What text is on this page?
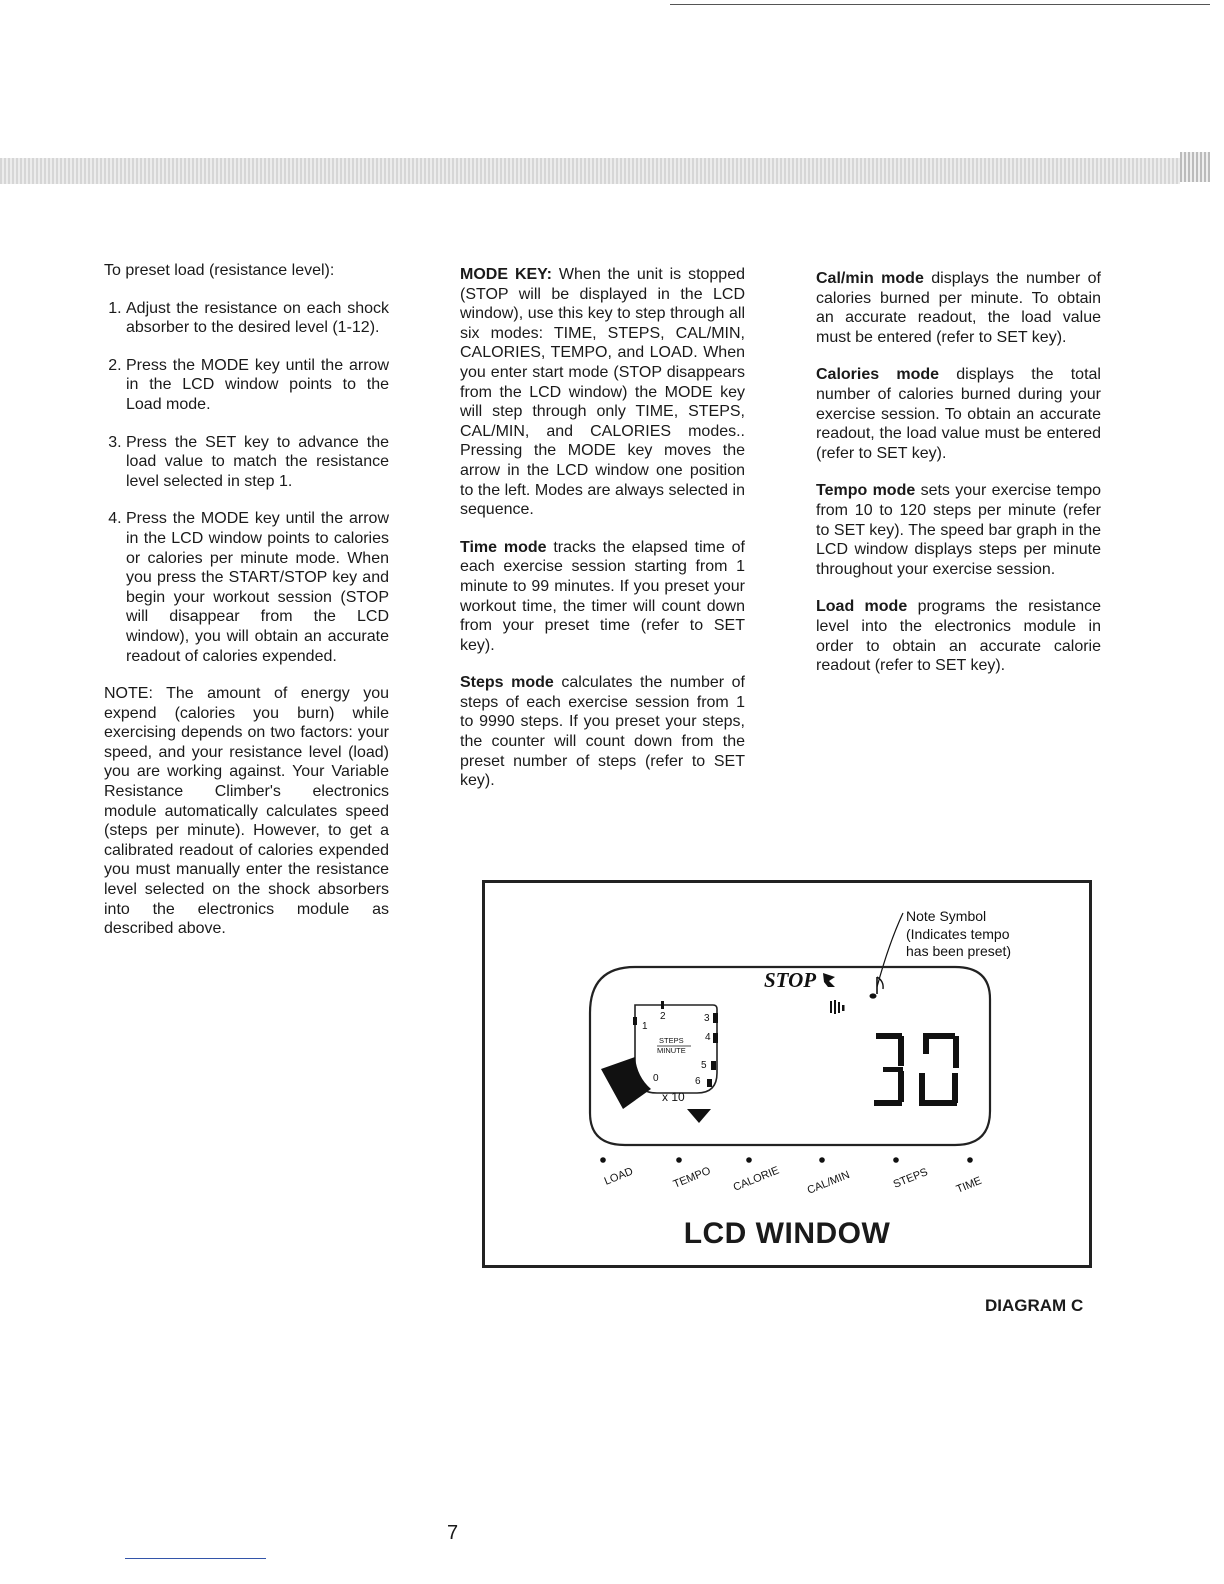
To preset load (resistance level):

1. Adjust the resistance on each shock absorber to the desired level (1-12).
2. Press the MODE key until the arrow in the LCD window points to the Load mode.
3. Press the SET key to advance the load value to match the resistance level selected in step 1.
4. Press the MODE key until the arrow in the LCD window points to calories or calories per minute mode. When you press the START/STOP key and begin your workout session (STOP will disappear from the LCD window), you will obtain an accurate readout of calories expended.

NOTE: The amount of energy you expend (calories you burn) while exercising depends on two factors: your speed, and your resistance level (load) you are working against. Your Variable Resistance Climber's electronics module automatically calculates speed (steps per minute). However, to get a calibrated readout of calories expended you must manually enter the resistance level selected on the shock absorbers into the electronics module as described above.

MODE KEY: When the unit is stopped (STOP will be displayed in the LCD window), use this key to step through all six modes: TIME, STEPS, CAL/MIN, CALORIES, TEMPO, and LOAD. When you enter start mode (STOP disappears from the LCD window) the MODE key will step through only TIME, STEPS, CAL/MIN, and CALORIES modes.. Pressing the MODE key moves the arrow in the LCD window one position to the left. Modes are always selected in sequence.

Time mode tracks the elapsed time of each exercise session starting from 1 minute to 99 minutes. If you preset your workout time, the timer will count down from your preset time (refer to SET key).

Steps mode calculates the number of steps of each exercise session from 1 to 9990 steps. If you preset your steps, the counter will count down from the preset number of steps (refer to SET key).

Cal/min mode displays the number of calories burned per minute. To obtain an accurate readout, the load value must be entered (refer to SET key).

Calories mode displays the total number of calories burned during your exercise session. To obtain an accurate readout, the load value must be entered (refer to SET key).

Tempo mode sets your exercise tempo from 10 to 120 steps per minute (refer to SET key). The speed bar graph in the LCD window displays steps per minute throughout your exercise session.

Load mode programs the resistance level into the electronics module in order to obtain an accurate calorie readout (refer to SET key).

Note Symbol
(Indicates tempo
has been preset)
STOP
1
2	3
4
5
6
0
STEPS
MINUTE
x 10
LOAD	TEMPO CALORIE CAL/MIN	STEPS TIME
LCD WINDOW
DIAGRAM C
7
